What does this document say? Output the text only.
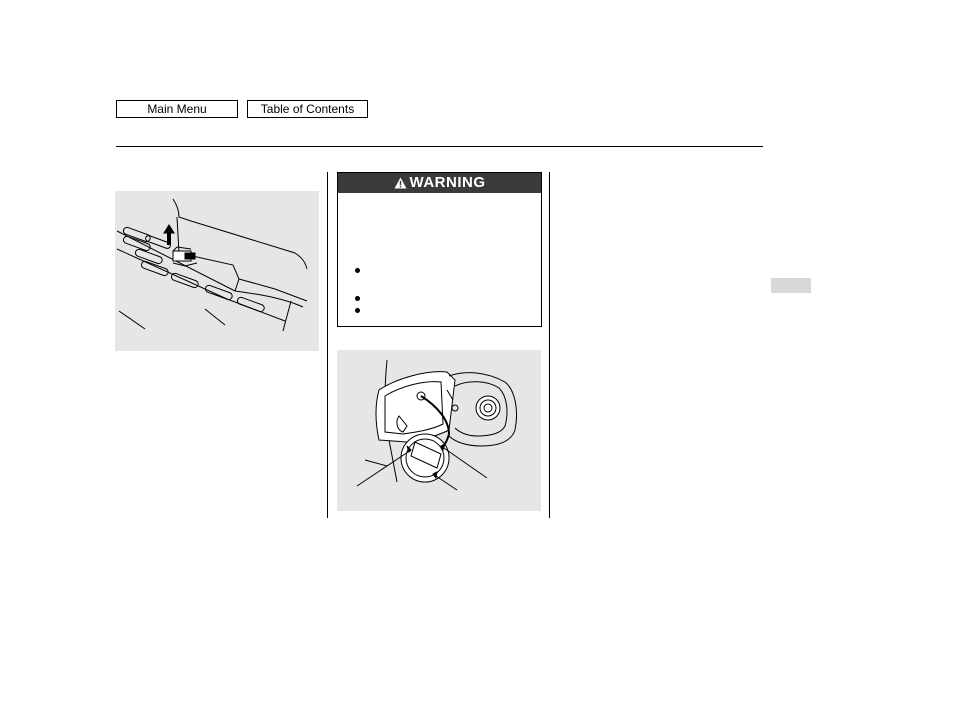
Main Menu	Table of Contents
WARNING
